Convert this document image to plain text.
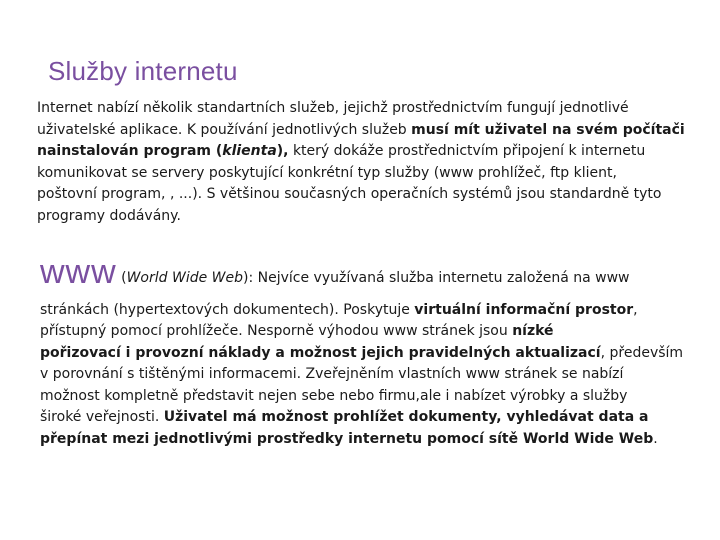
Služby internetu
Internet nabízí několik standartních služeb, jejichž prostřednictvím fungují jednotlivé
uživatelské aplikace. K používání jednotlivých služeb musí mít uživatel na svém počítači
nainstalován program (klienta), který dokáže prostřednictvím připojení k internetu
komunikovat se servery poskytující konkrétní typ služby (www prohlížeč, ftp klient,
poštovní program, , ...). S většinou současných operačních systémů jsou standardně tyto
programy dodávány.
www (World Wide Web): Nejvíce využívaná služba internetu založená na www
stránkách (hypertextových dokumentech). Poskytuje virtuální informační prostor,
přístupný pomocí prohlížeče. Nesporně výhodou www stránek jsou nízké
pořizovací i provozní náklady a možnost jejich pravidelných aktualizací, především
v porovnání s tištěnými informacemi. Zveřejněním vlastních www stránek se nabízí
možnost kompletně představit nejen sebe nebo firmu,ale i nabízet výrobky a služby
široké veřejnosti. Uživatel má možnost prohlížet dokumenty, vyhledávat data a
přepínat mezi jednotlivými prostředky internetu pomocí sítě World Wide Web.
